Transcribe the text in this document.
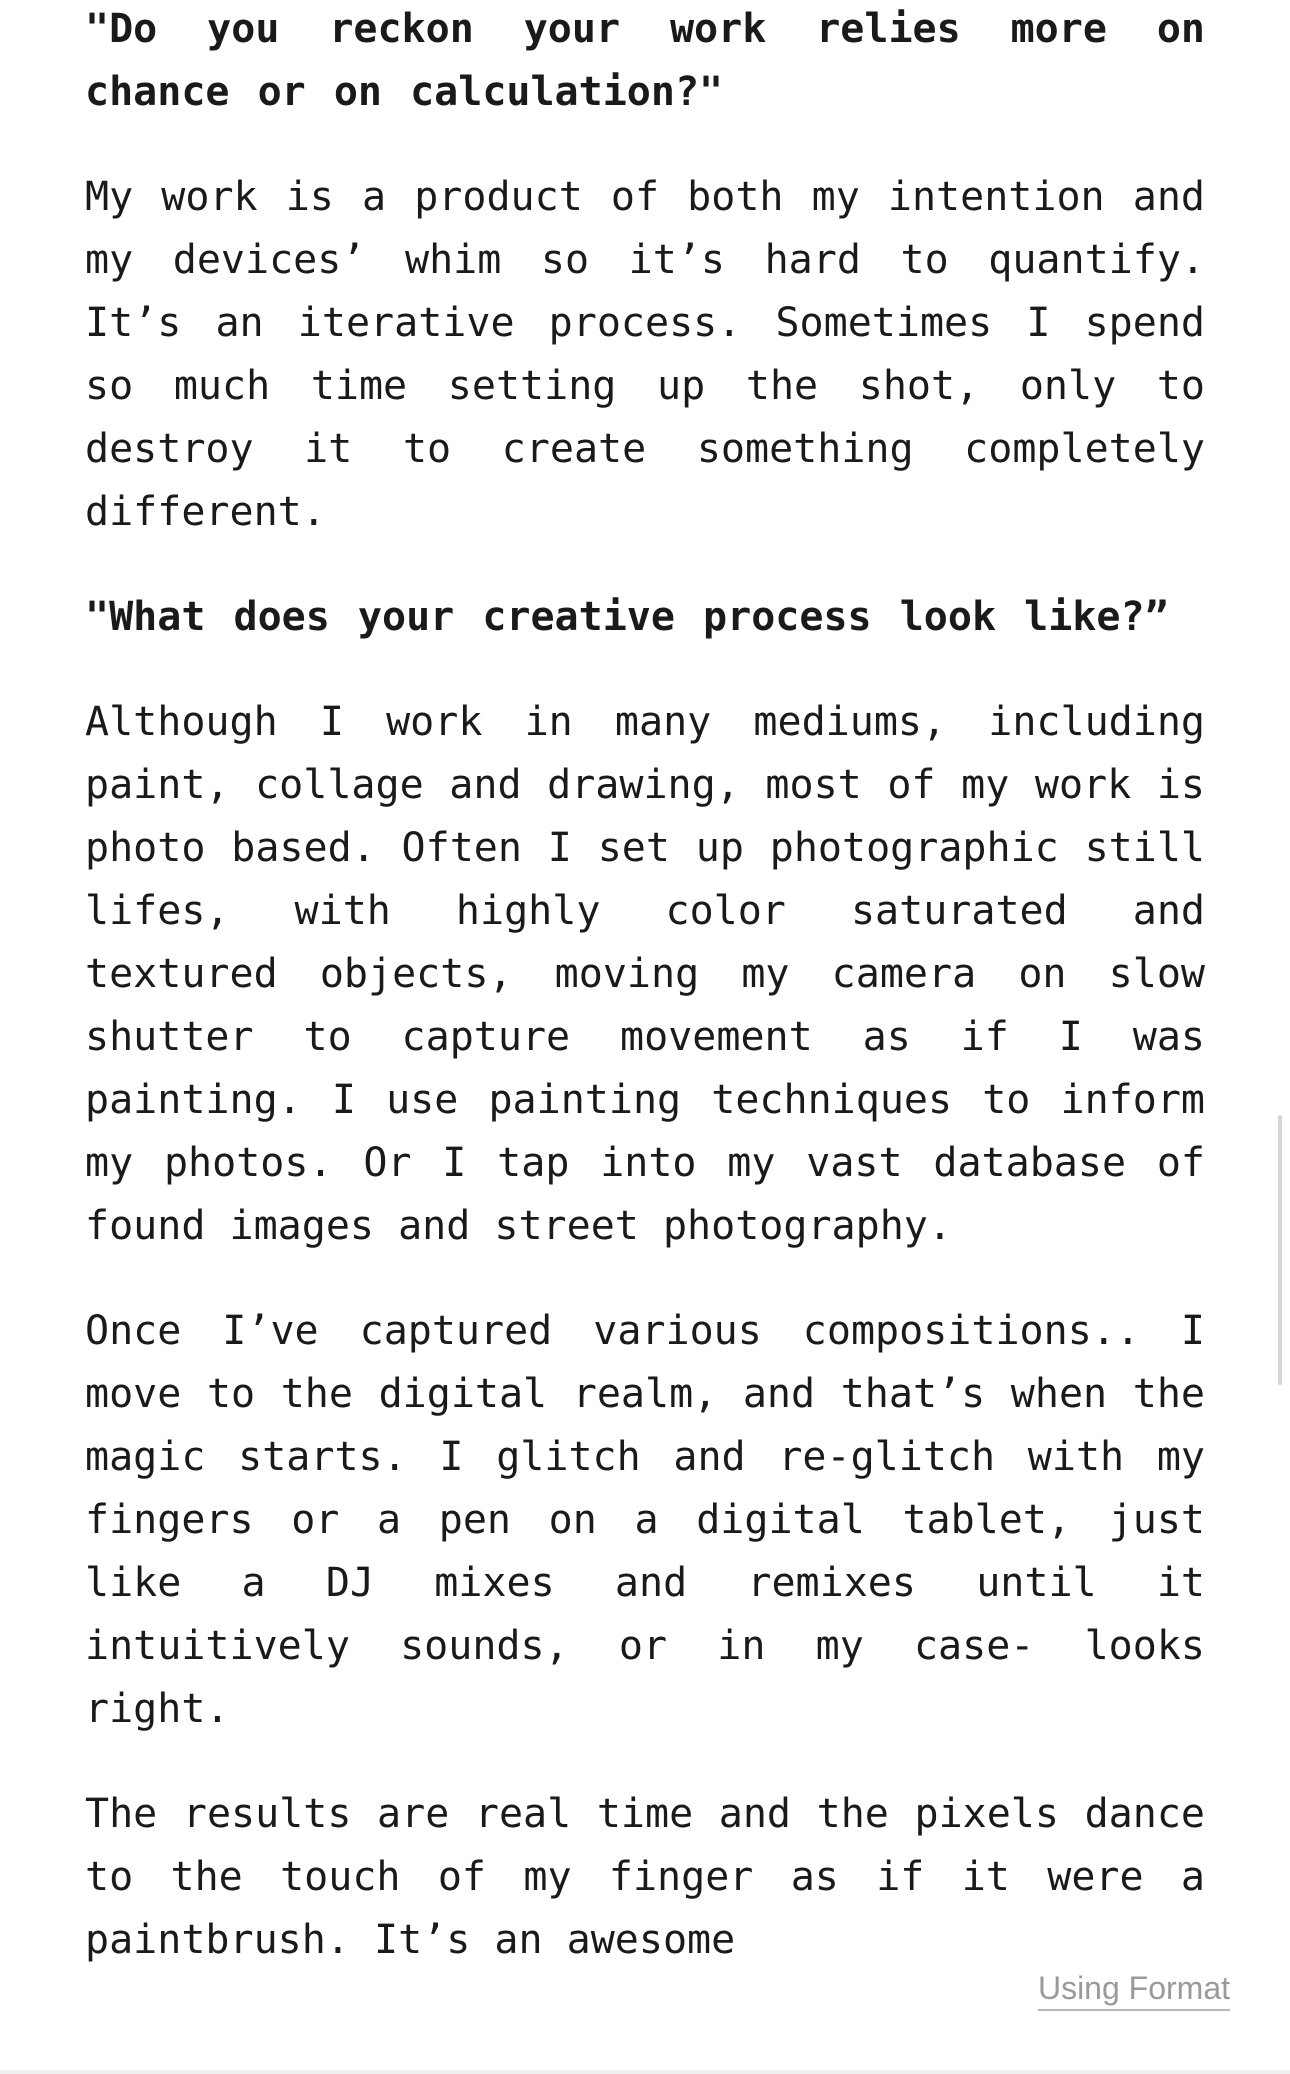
"Do you reckon your work relies more on chance or on calculation?"

My work is a product of both my intention and my devices’ whim so it’s hard to quantify. It’s an iterative process. Sometimes I spend so much time setting up the shot, only to destroy it to create something completely different.

"What does your creative process look like?”

Although I work in many mediums, including paint, collage and drawing, most of my work is photo based. Often I set up photographic still lifes, with highly color saturated and textured objects, moving my camera on slow shutter to capture movement as if I was painting. I use painting techniques to inform my photos. Or I tap into my vast database of found images and street photography.

Once I’ve captured various compositions.. I move to the digital realm, and that’s when the magic starts. I glitch and re-glitch with my fingers or a pen on a digital tablet, just like a DJ mixes and remixes until it intuitively sounds, or in my case- looks right.

The results are real time and the pixels dance to the touch of my finger as if it were a paintbrush. It’s an awesome

Using Format
